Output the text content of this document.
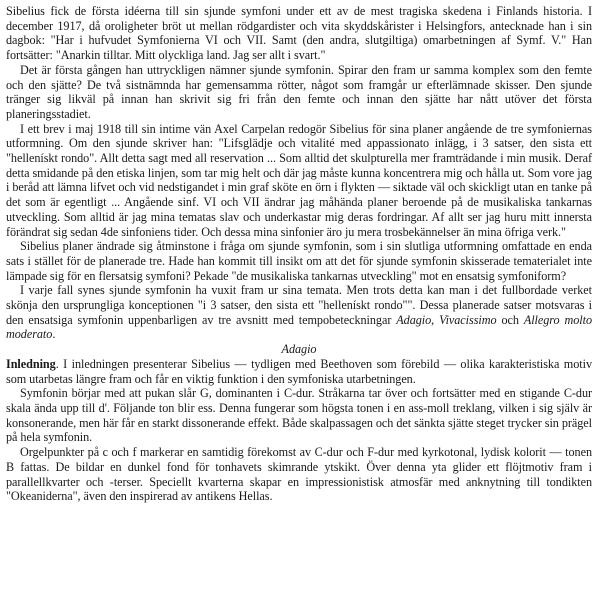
Sibelius fick de första idéerna till sin sjunde symfoni under ett av de mest tragiska skedena i Finlands historia. I december 1917, då oroligheter bröt ut mellan rödgardister och vita skyddskårister i Helsingfors, antecknade han i sin dagbok: "Har i hufvudet Symfonierna VI och VII. Samt (den andra, slutgiltiga) omarbetningen af Symf. V." Han fortsätter: "Anarkin tilltar. Mitt olyckliga land. Jag ser allt i svart."

Det är första gången han uttryckligen nämner sjunde symfonin. Spirar den fram ur samma komplex som den femte och den sjätte? De två sistnämnda har gemensamma rötter, något som framgår ur efterlämnade skisser. Den sjunde tränger sig likväl på innan han skrivit sig fri från den femte och innan den sjätte har nått utöver det första planeringsstadiet.

I ett brev i maj 1918 till sin intime vän Axel Carpelan redogör Sibelius för sina planer angående de tre symfoniernas utformning. Om den sjunde skriver han: "Lifsglädje och vitalité med appassionato inlägg, i 3 satser, den sista ett "hellenískt rondo". Allt detta sagt med all reservation ... Som alltid det skulpturella mer framträdande i min musik. Deraf detta smidande på den etiska linjen, som tar mig helt och där jag måste kunna koncentrera mig och hålla ut. Som vore jag i beråd att lämna lifvet och vid nedstigandet i min graf sköte en örn i flykten — siktade väl och skickligt utan en tanke på det som är egentligt ... Angående sinf. VI och VII ändrar jag måhända planer beroende på de musikaliska tankarnas utveckling. Som alltid är jag mina tematas slav och underkastar mig deras fordringar. Af allt ser jag huru mitt innersta förändrat sig sedan 4de sinfoniens tider. Och dessa mina sinfonier äro ju mera trosbekännelser än mina öfriga verk."

Sibelius planer ändrade sig åtminstone i fråga om sjunde symfonin, som i sin slutliga utformning omfattade en enda sats i stället för de planerade tre. Hade han kommit till insikt om att det för sjunde symfonin skisserade tematerialet inte lämpade sig för en flersatsig symfoni? Pekade "de musikaliska tankarnas utveckling" mot en ensatsig symfoniform?

I varje fall synes sjunde symfonin ha vuxit fram ur sina temata. Men trots detta kan man i det fullbordade verket skönja den ursprungliga konceptionen "i 3 satser, den sista ett "hellenískt rondo"". Dessa planerade satser motsvaras i den ensatsiga symfonin uppenbarligen av tre avsnitt med tempobeteckningar Adagio, Vivacissimo och Allegro molto moderato.

Adagio

Inledning. I inledningen presenterar Sibelius — tydligen med Beethoven som förebild — olika karakteristiska motiv som utarbetas längre fram och får en viktig funktion i den symfoniska utarbetningen.

Symfonin börjar med att pukan slår G, dominanten i C-dur. Stråkarna tar över och fortsätter med en stigande C-dur skala ända upp till d'. Följande ton blir ess. Denna fungerar som högsta tonen i en ass-moll treklang, vilken i sig själv är konsonerande, men här får en starkt dissonerande effekt. Både skalpassagen och det sänkta sjätte steget trycker sin prägel på hela symfonin.

Orgelpunkter på c och f markerar en samtidig förekomst av C-dur och F-dur med kyrkotonal, lydisk kolorit — tonen B fattas. De bildar en dunkel fond för tonhavets skimrande ytskikt. Över denna yta glider ett flöjtmotiv fram i parallellkvarter och -terser. Speciellt kvarterna skapar en impressionistisk atmosfär med anknytning till tondikten "Okeaniderna", även den inspirerad av antikens Hellas.
